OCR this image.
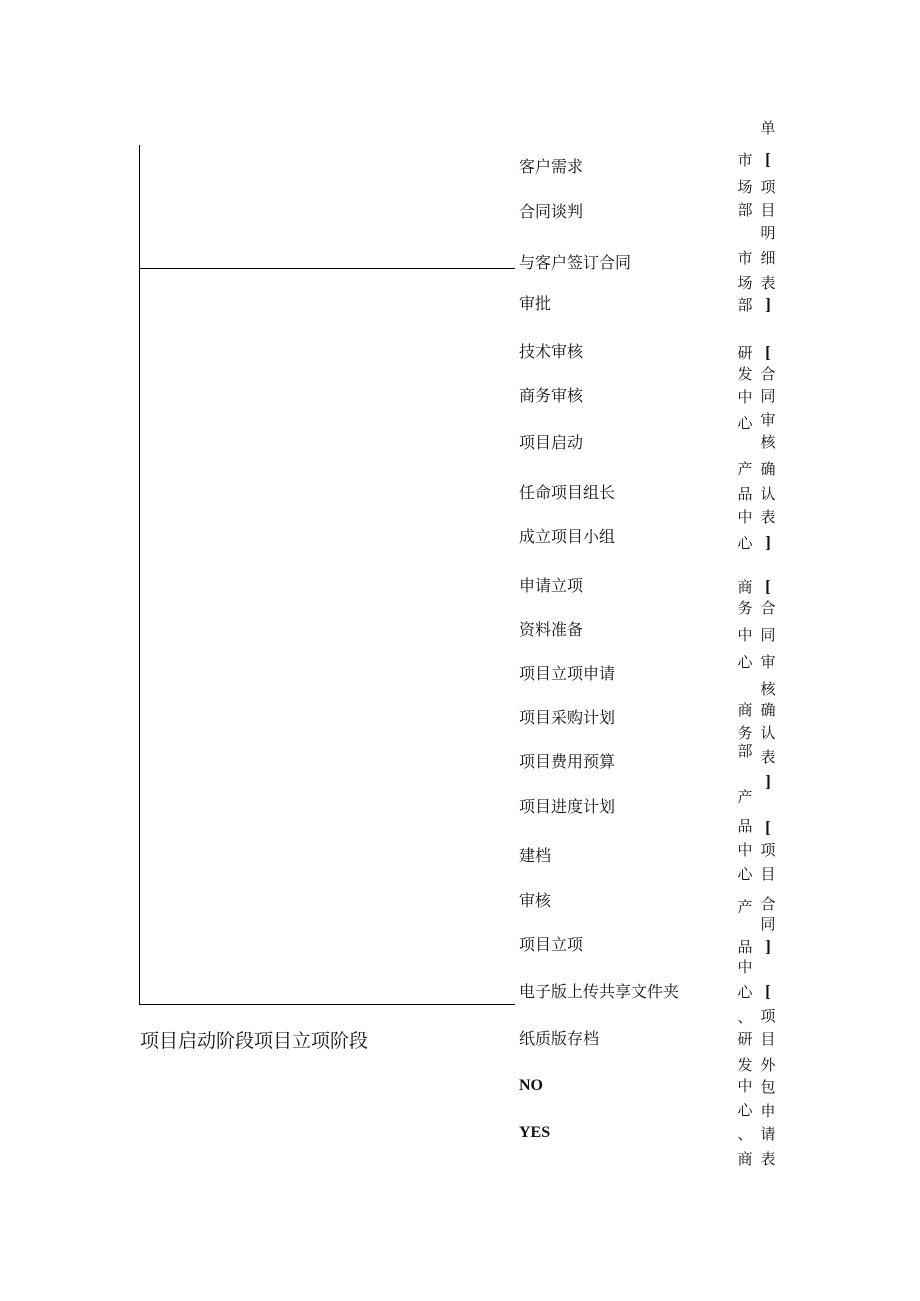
项目启动阶段项目立项阶段
客户需求
合同谈判
与客户签订合同
审批
技术审核
商务审核
项目启动
任命项目组长
成立项目小组
申请立项
资料准备
项目立项申请
项目采购计划
项目费用预算
项目进度计划
建档
审核
项目立项
电子版上传共享文件夹
纸质版存档
NO
YES
市
场
部
市
场
部
研
发
中
心
产
品
中
心
商
务
中
心
商
务
部
产
品
中
心
产
品
中
心
、
研
发
中
心
、
商
单
[
项
目
明
细
表
]
[
合
同
审
核
确
认
表
]
[
合
同
审
核
确
认
表
]
[
项
目
合
同
]
[
项
目
外
包
申
请
表
